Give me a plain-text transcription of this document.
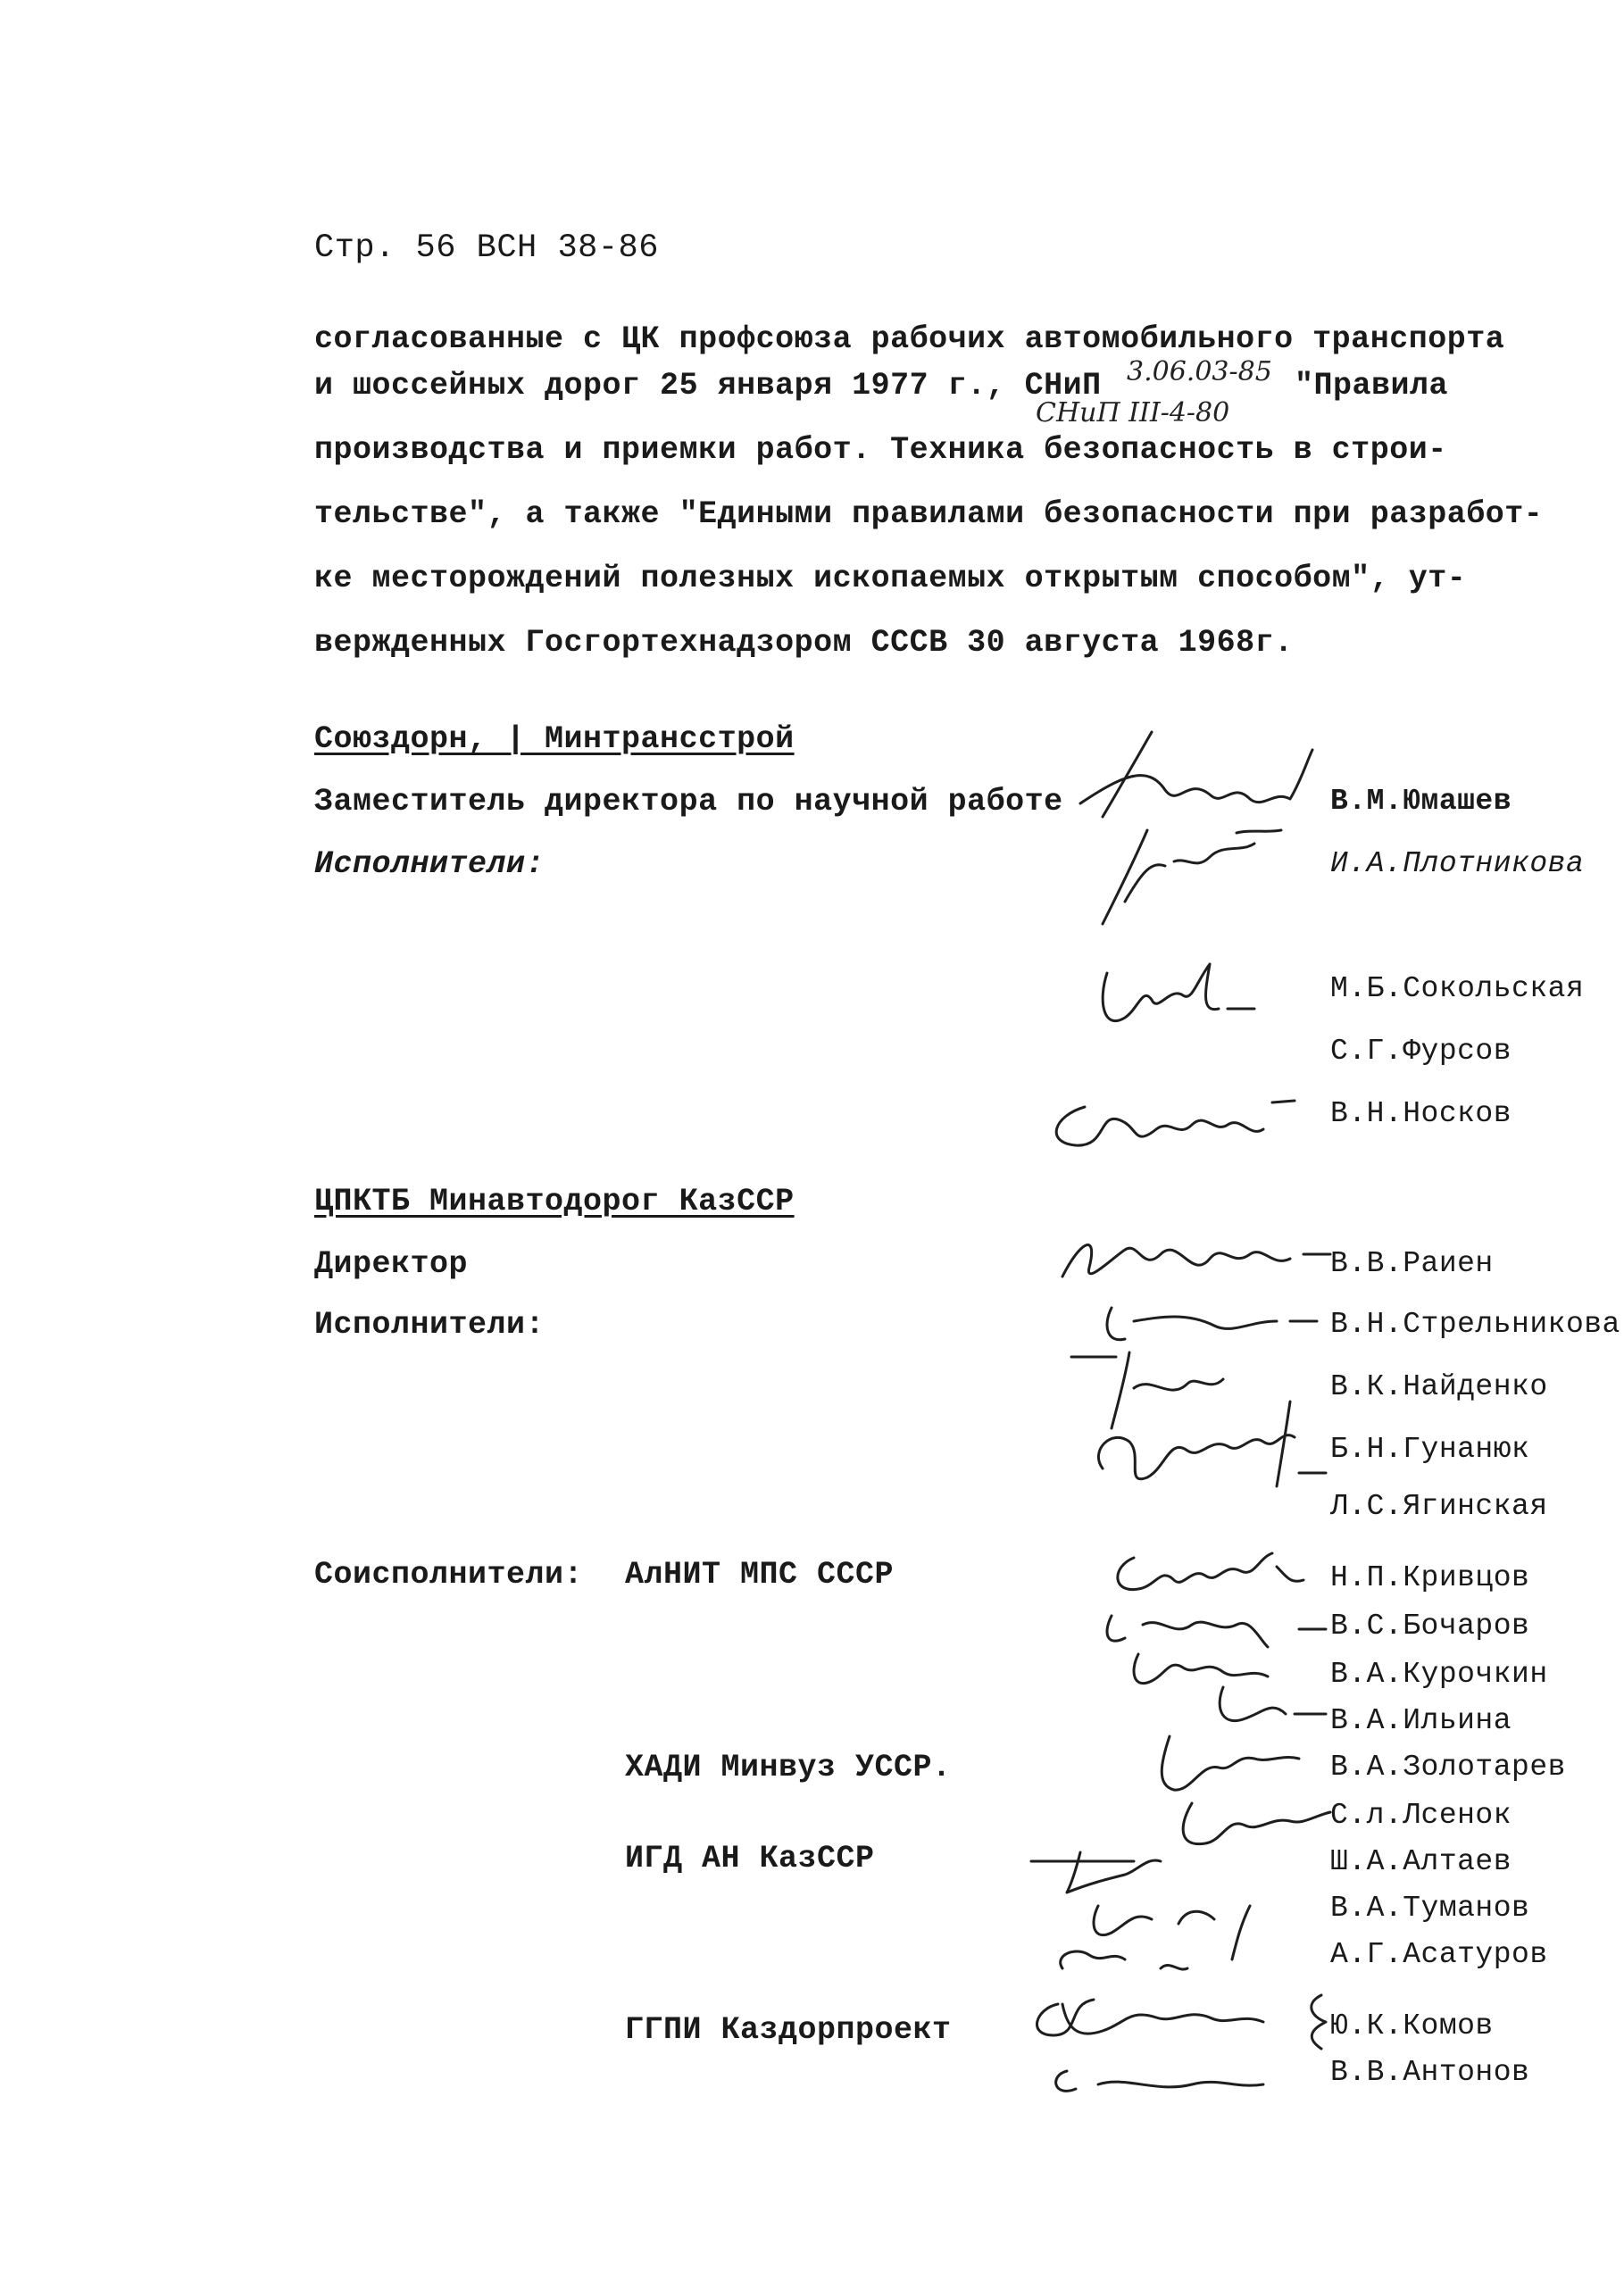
Стр. 56 ВСН 38-86
согласованные с ЦК профсоюза рабочих автомобильного транспорта
и шоссейных дорог 25 января 1977 г., СНиП	"Правила
3.06.03-85
СНиП III-4-80
производства и приемки работ. Техника безопасность в строи-
тельстве", а также "Едиными правилами безопасности при разработ-
ке месторождений полезных ископаемых открытым способом", ут-
вержденных Госгортехнадзором СССВ 30 августа 1968г.
Союздорн, | Минтрансстрой
Заместитель директора по научной работе	В.М.Юмашев
Исполнители:	И.А.Плотникова
М.Б.Сокольская
С.Г.Фурсов
В.Н.Носков
ЦПКТБ Минавтодорог КазССР
Директор	В.В.Раиен
Исполнители:	В.Н.Стрельникова
В.К.Найденко
Б.Н.Гунанюк
Л.С.Ягинская
Соисполнители: АлНИТ МПС СССР	Н.П.Кривцов
В.С.Бочаров
В.А.Курочкин
В.А.Ильина
ХАДИ Минвуз УССР.	В.А.Золотарев
С.л.Лсенок
ИГД АН КазССР	Ш.А.Алтаев
В.А.Туманов
А.Г.Асатуров
ГГПИ Каздорпроект	Ю.К.Комов
В.В.Антонов
